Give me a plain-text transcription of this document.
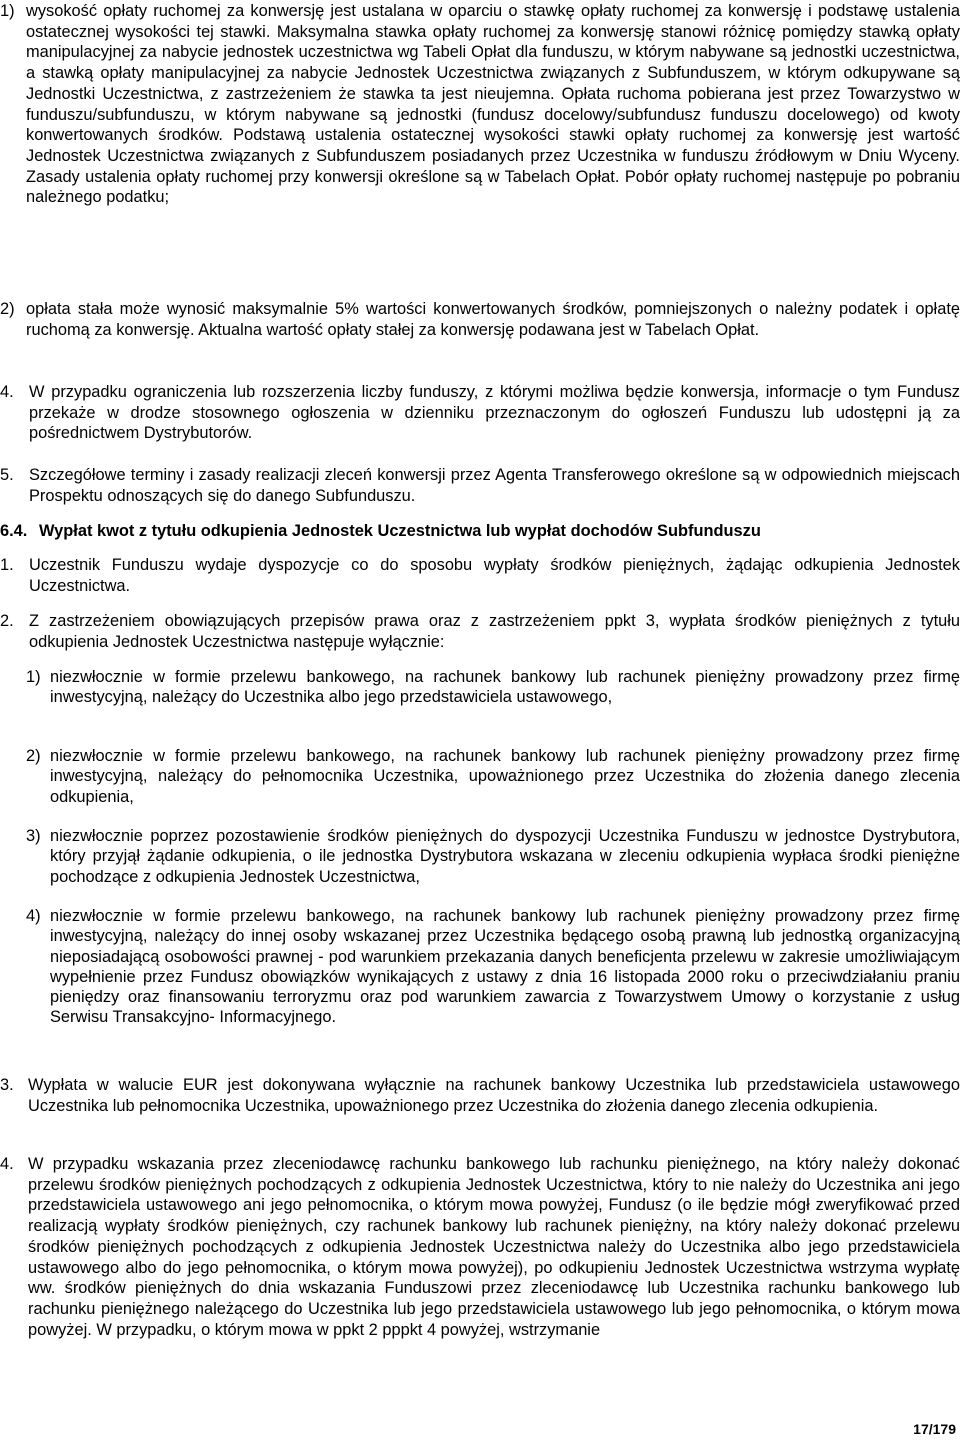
1) wysokość opłaty ruchomej za konwersję jest ustalana w oparciu o stawkę opłaty ruchomej za konwersję i podstawę ustalenia ostatecznej wysokości tej stawki. Maksymalna stawka opłaty ruchomej za konwersję stanowi różnicę pomiędzy stawką opłaty manipulacyjnej za nabycie jednostek uczestnictwa wg Tabeli Opłat dla funduszu, w którym nabywane są jednostki uczestnictwa, a stawką opłaty manipulacyjnej za nabycie Jednostek Uczestnictwa związanych z Subfunduszem, w którym odkupywane są Jednostki Uczestnictwa, z zastrzeżeniem że stawka ta jest nieujemna. Opłata ruchoma pobierana jest przez Towarzystwo w funduszu/subfunduszu, w którym nabywane są jednostki (fundusz docelowy/subfundusz funduszu docelowego) od kwoty konwertowanych środków. Podstawą ustalenia ostatecznej wysokości stawki opłaty ruchomej za konwersję jest wartość Jednostek Uczestnictwa związanych z Subfunduszem posiadanych przez Uczestnika w funduszu źródłowym w Dniu Wyceny. Zasady ustalenia opłaty ruchomej przy konwersji określone są w Tabelach Opłat. Pobór opłaty ruchomej następuje po pobraniu należnego podatku;

2) opłata stała może wynosić maksymalnie 5% wartości konwertowanych środków, pomniejszonych o należny podatek i opłatę ruchomą za konwersję. Aktualna wartość opłaty stałej za konwersję podawana jest w Tabelach Opłat.

4. W przypadku ograniczenia lub rozszerzenia liczby funduszy, z którymi możliwa będzie konwersja, informacje o tym Fundusz przekaże w drodze stosownego ogłoszenia w dzienniku przeznaczonym do ogłoszeń Funduszu lub udostępni ją za pośrednictwem Dystrybutorów.

5. Szczegółowe terminy i zasady realizacji zleceń konwersji przez Agenta Transferowego określone są w odpowiednich miejscach Prospektu odnoszących się do danego Subfunduszu.

6.4. Wypłat kwot z tytułu odkupienia Jednostek Uczestnictwa lub wypłat dochodów Subfunduszu

1. Uczestnik Funduszu wydaje dyspozycje co do sposobu wypłaty środków pieniężnych, żądając odkupienia Jednostek Uczestnictwa.

2. Z zastrzeżeniem obowiązujących przepisów prawa oraz z zastrzeżeniem ppkt 3, wypłata środków pieniężnych z tytułu odkupienia Jednostek Uczestnictwa następuje wyłącznie:

1) niezwłocznie w formie przelewu bankowego, na rachunek bankowy lub rachunek pieniężny prowadzony przez firmę inwestycyjną, należący do Uczestnika albo jego przedstawiciela ustawowego,

2) niezwłocznie w formie przelewu bankowego, na rachunek bankowy lub rachunek pieniężny prowadzony przez firmę inwestycyjną, należący do pełnomocnika Uczestnika, upoważnionego przez Uczestnika do złożenia danego zlecenia odkupienia,

3) niezwłocznie poprzez pozostawienie środków pieniężnych do dyspozycji Uczestnika Funduszu w jednostce Dystrybutora, który przyjął żądanie odkupienia, o ile jednostka Dystrybutora wskazana w zleceniu odkupienia wypłaca środki pieniężne pochodzące z odkupienia Jednostek Uczestnictwa,

4) niezwłocznie w formie przelewu bankowego, na rachunek bankowy lub rachunek pieniężny prowadzony przez firmę inwestycyjną, należący do innej osoby wskazanej przez Uczestnika będącego osobą prawną lub jednostką organizacyjną nieposiadającą osobowości prawnej - pod warunkiem przekazania danych beneficjenta przelewu w zakresie umożliwiającym wypełnienie przez Fundusz obowiązków wynikających z ustawy z dnia 16 listopada 2000 roku o przeciwdziałaniu praniu pieniędzy oraz finansowaniu terroryzmu oraz pod warunkiem zawarcia z Towarzystwem Umowy o korzystanie z usług Serwisu Transakcyjno- Informacyjnego.

3. Wypłata w walucie EUR jest dokonywana wyłącznie na rachunek bankowy Uczestnika lub przedstawiciela ustawowego Uczestnika lub pełnomocnika Uczestnika, upoważnionego przez Uczestnika do złożenia danego zlecenia odkupienia.

4. W przypadku wskazania przez zleceniodawcę rachunku bankowego lub rachunku pieniężnego, na który należy dokonać przelewu środków pieniężnych pochodzących z odkupienia Jednostek Uczestnictwa, który to nie należy do Uczestnika ani jego przedstawiciela ustawowego ani jego pełnomocnika, o którym mowa powyżej, Fundusz (o ile będzie mógł zweryfikować przed realizacją wypłaty środków pieniężnych, czy rachunek bankowy lub rachunek pieniężny, na który należy dokonać przelewu środków pieniężnych pochodzących z odkupienia Jednostek Uczestnictwa należy do Uczestnika albo jego przedstawiciela ustawowego albo do jego pełnomocnika, o którym mowa powyżej), po odkupieniu Jednostek Uczestnictwa wstrzyma wypłatę ww. środków pieniężnych do dnia wskazania Funduszowi przez zleceniodawcę lub Uczestnika rachunku bankowego lub rachunku pieniężnego należącego do Uczestnika lub jego przedstawiciela ustawowego lub jego pełnomocnika, o którym mowa powyżej. W przypadku, o którym mowa w ppkt 2 pppkt 4 powyżej, wstrzymanie

17/179
